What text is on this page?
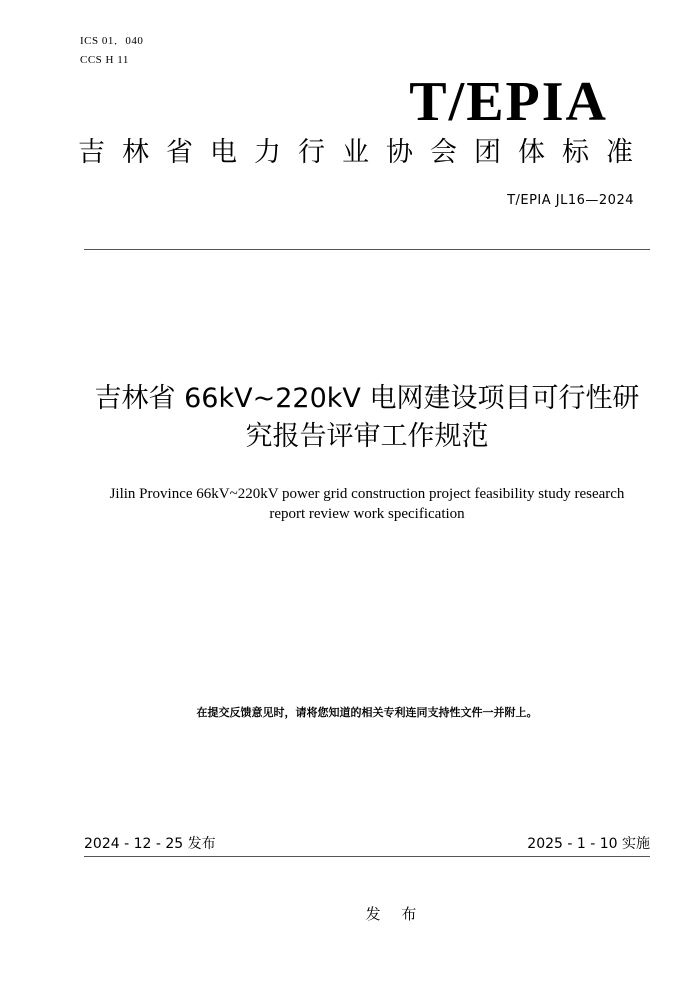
ICS 01．040
CCS H 11
T/EPIA
吉林省电力行业协会团体标准
T/EPIA JL16—2024
吉林省 66kV~220kV 电网建设项目可行性研
究报告评审工作规范
Jilin Province 66kV~220kV power grid construction project feasibility study research
report review work specification
在提交反馈意见时，请将您知道的相关专利连同支持性文件一并附上。
2024 - 12 - 25 发布	2025 - 1 - 10 实施
发 布
